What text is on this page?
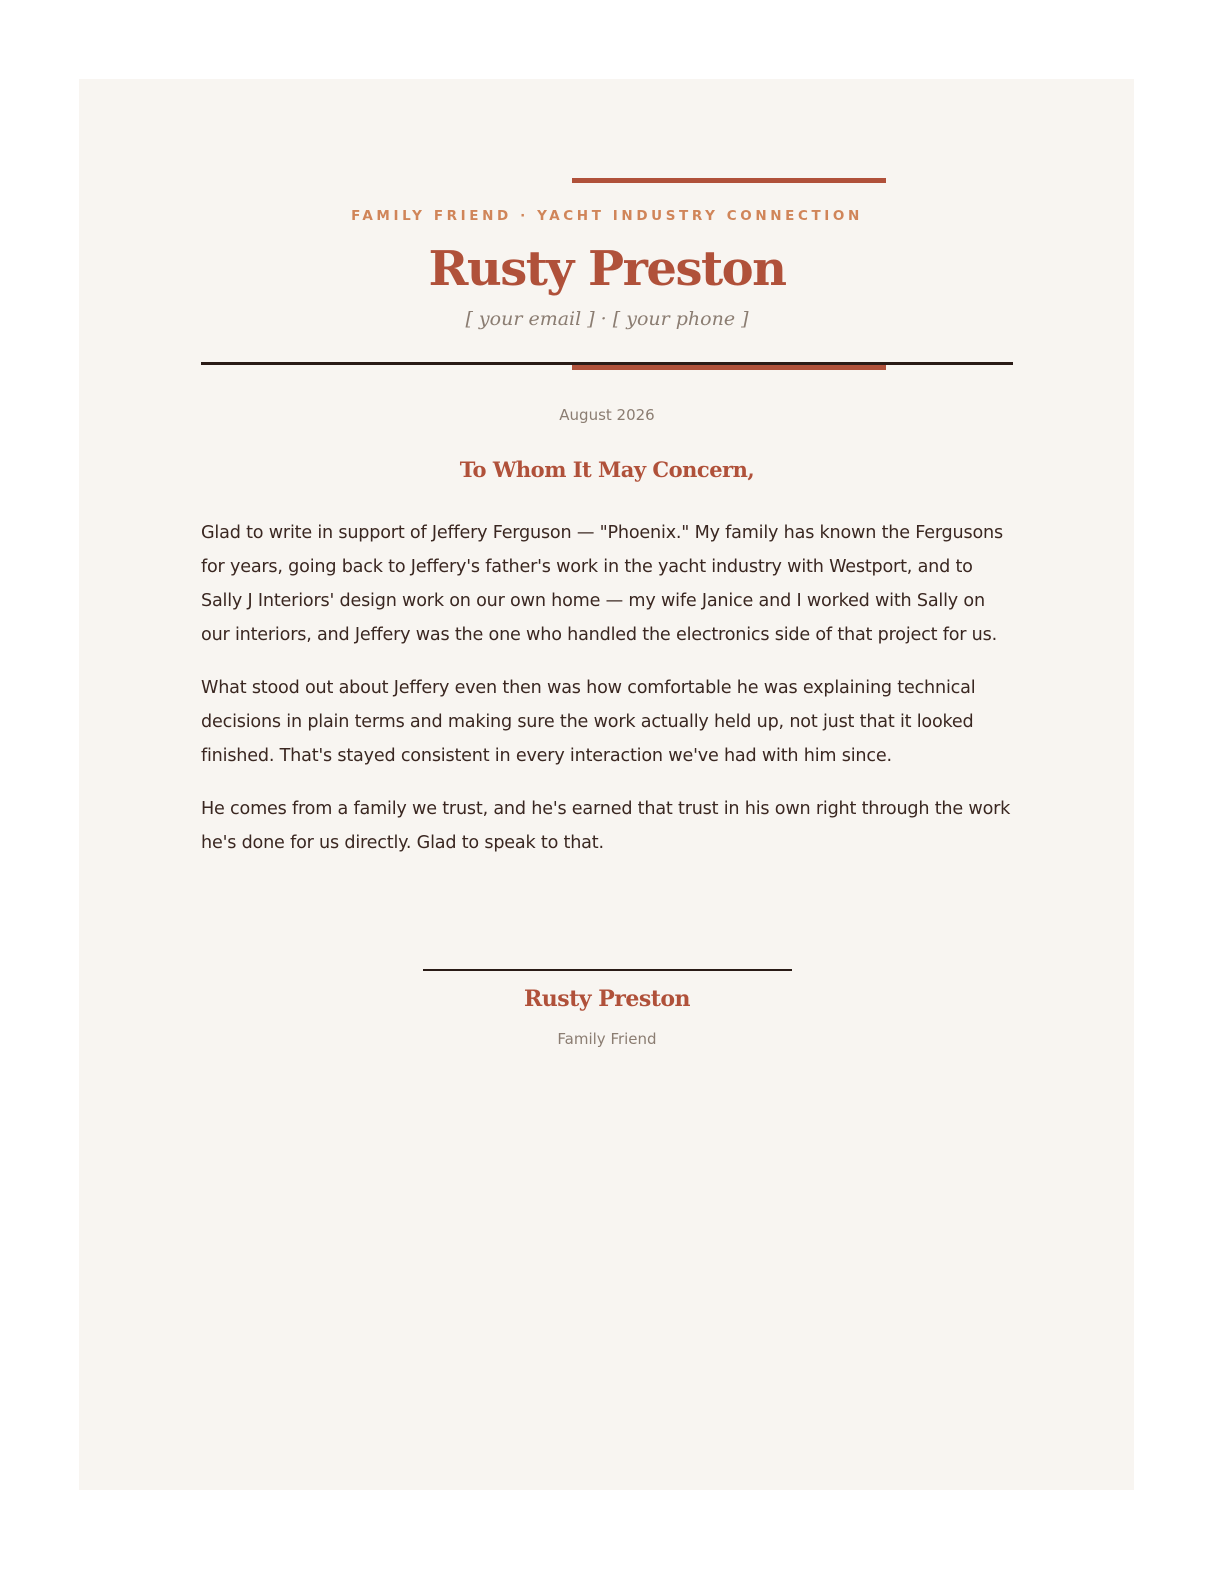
FAMILY FRIEND · YACHT INDUSTRY CONNECTION
Rusty Preston
[ your email ] · [ your phone ]
August 2026
To Whom It May Concern,

Glad to write in support of Jeffery Ferguson — "Phoenix." My family has known the Fergusons for years, going back to Jeffery's father's work in the yacht industry with Westport, and to Sally J Interiors' design work on our own home — my wife Janice and I worked with Sally on our interiors, and Jeffery was the one who handled the electronics side of that project for us.

What stood out about Jeffery even then was how comfortable he was explaining technical decisions in plain terms and making sure the work actually held up, not just that it looked finished. That's stayed consistent in every interaction we've had with him since.

He comes from a family we trust, and he's earned that trust in his own right through the work he's done for us directly. Glad to speak to that.

Rusty Preston
Family Friend
